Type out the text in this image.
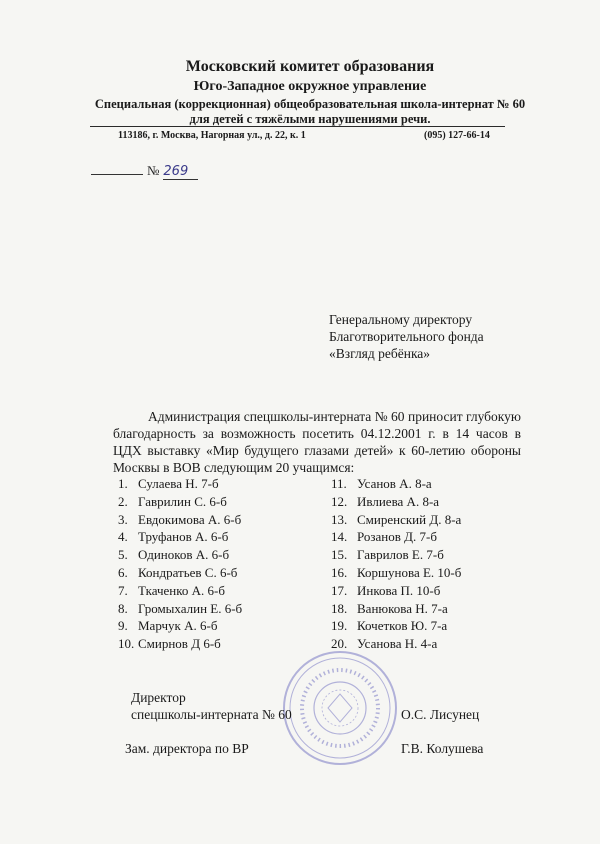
Московский комитет образования
Юго-Западное окружное управление
Специальная (коррекционная) общеобразовательная школа-интернат № 60
для детей с тяжёлыми нарушениями речи.
113186, г. Москва, Нагорная ул., д. 22, к. 1	(095) 127-66-14
№ 269
Генеральному директору
Благотворительного фонда
«Взгляд ребёнка»
Администрация спецшколы-интерната № 60 приносит глубокую благодарность за возможность посетить 04.12.2001 г. в 14 часов в ЦДХ выставку «Мир будущего глазами детей» к 60-летию обороны Москвы в ВОВ следующим 20 учащимся:
1. Сулаева Н. 7-б
2. Гаврилин С. 6-б
3. Евдокимова А. 6-б
4. Труфанов А. 6-б
5. Одиноков А. 6-б
6. Кондратьев С. 6-б
7. Ткаченко А. 6-б
8. Громыхалин Е. 6-б
9. Марчук А. 6-б
10. Смирнов Д 6-б
11. Усанов А. 8-а
12. Ивлиева А. 8-а
13. Смиренский Д. 8-а
14. Розанов Д. 7-б
15. Гаврилов Е. 7-б
16. Коршунова Е. 10-б
17. Инкова П. 10-б
18. Ванюкова Н. 7-а
19. Кочетков Ю. 7-а
20. Усанова Н. 4-а
Директор
спецшколы-интерната № 60	О.С. Лисунец
Зам. директора по ВР	Г.В. Колушева
